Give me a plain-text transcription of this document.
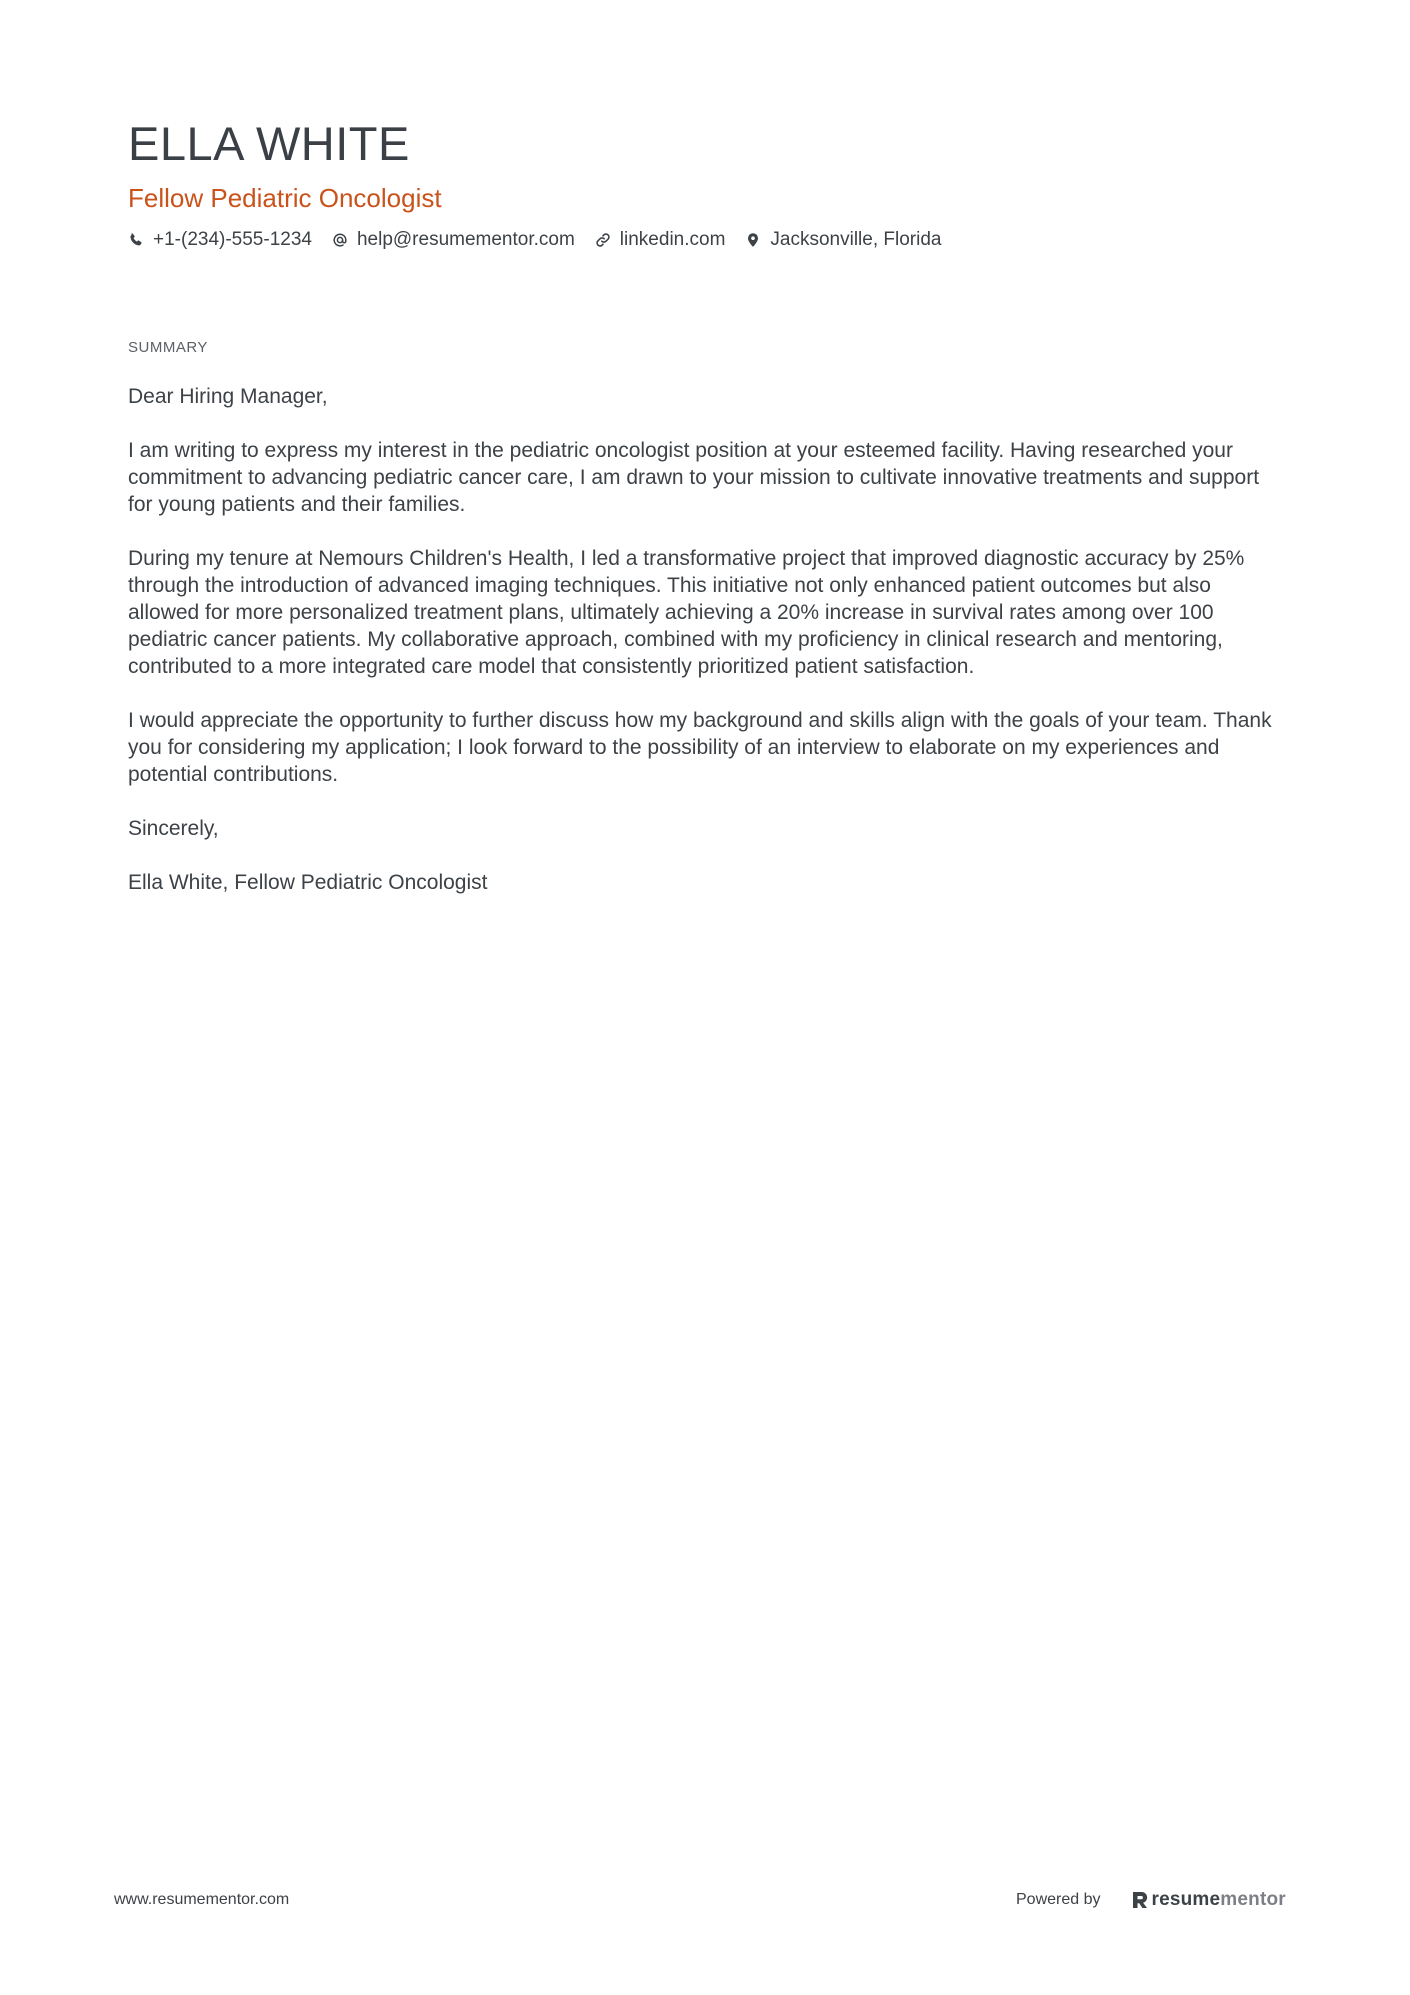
ELLA WHITE
Fellow Pediatric Oncologist
+1-(234)-555-1234 help@resumementor.com linkedin.com Jacksonville, Florida
SUMMARY

Dear Hiring Manager,

I am writing to express my interest in the pediatric oncologist position at your esteemed facility. Having researched your commitment to advancing pediatric cancer care, I am drawn to your mission to cultivate innovative treatments and support for young patients and their families.

During my tenure at Nemours Children's Health, I led a transformative project that improved diagnostic accuracy by 25% through the introduction of advanced imaging techniques. This initiative not only enhanced patient outcomes but also allowed for more personalized treatment plans, ultimately achieving a 20% increase in survival rates among over 100 pediatric cancer patients. My collaborative approach, combined with my proficiency in clinical research and mentoring, contributed to a more integrated care model that consistently prioritized patient satisfaction.

I would appreciate the opportunity to further discuss how my background and skills align with the goals of your team. Thank you for considering my application; I look forward to the possibility of an interview to elaborate on my experiences and potential contributions.

Sincerely,

Ella White, Fellow Pediatric Oncologist

www.resumementor.com	Powered by	resume mentor
